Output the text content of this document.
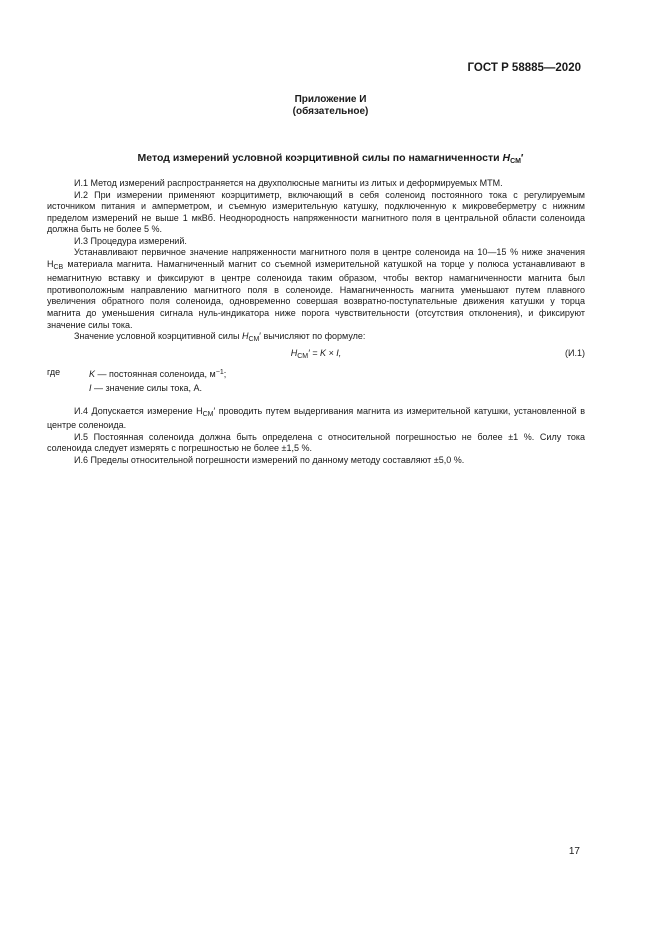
ГОСТ Р 58885—2020
Приложение И
(обязательное)
Метод измерений условной коэрцитивной силы по намагниченности $H_{СМ}'$

И.1 Метод измерений распространяется на двухполюсные магниты из литых и деформируемых МТМ.

И.2 При измерении применяют коэрцитиметр, включающий в себя соленоид постоянного тока с регулируемым источником питания и амперметром, и съемную измерительную катушку, подключенную к микровеберметру с нижним пределом измерений не выше 1 мкВб. Неоднородность напряженности магнитного поля в центральной области соленоида должна быть не более 5 %.

И.3 Процедура измерений.

Устанавливают первичное значение напряженности магнитного поля в центре соленоида на 10—15 % ниже значения $H_{СВ}$ материала магнита. Намагниченный магнит со съемной измерительной катушкой на торце у полюса устанавливают в немагнитную вставку и фиксируют в центре соленоида таким образом, чтобы вектор намагниченности магнита был противоположным направлению магнитного поля в соленоиде. Намагниченность магнита уменьшают путем плавного увеличения обратного поля соленоида, одновременно совершая возвратно-поступательные движения катушки у торца магнита до уменьшения сигнала нуль-индикатора ниже порога чувствительности (отсутствия отклонения), и фиксируют значение силы тока.

Значение условной коэрцитивной силы $H_{СМ}'$ вычисляют по формуле:

$H_{СМ}' = K \times I$,	(И.1)
где	K — постоянная соленоида, $м^{-1}$;
I — значение силы тока, А.

И.4 Допускается измерение $H_{СМ}'$ проводить путем выдергивания магнита из измерительной катушки, установленной в центре соленоида.

И.5 Постоянная соленоида должна быть определена с относительной погрешностью не более ±1 %. Силу тока соленоида следует измерять с погрешностью не более ±1,5 %.

И.6 Пределы относительной погрешности измерений по данному методу составляют ±5,0 %.

17
